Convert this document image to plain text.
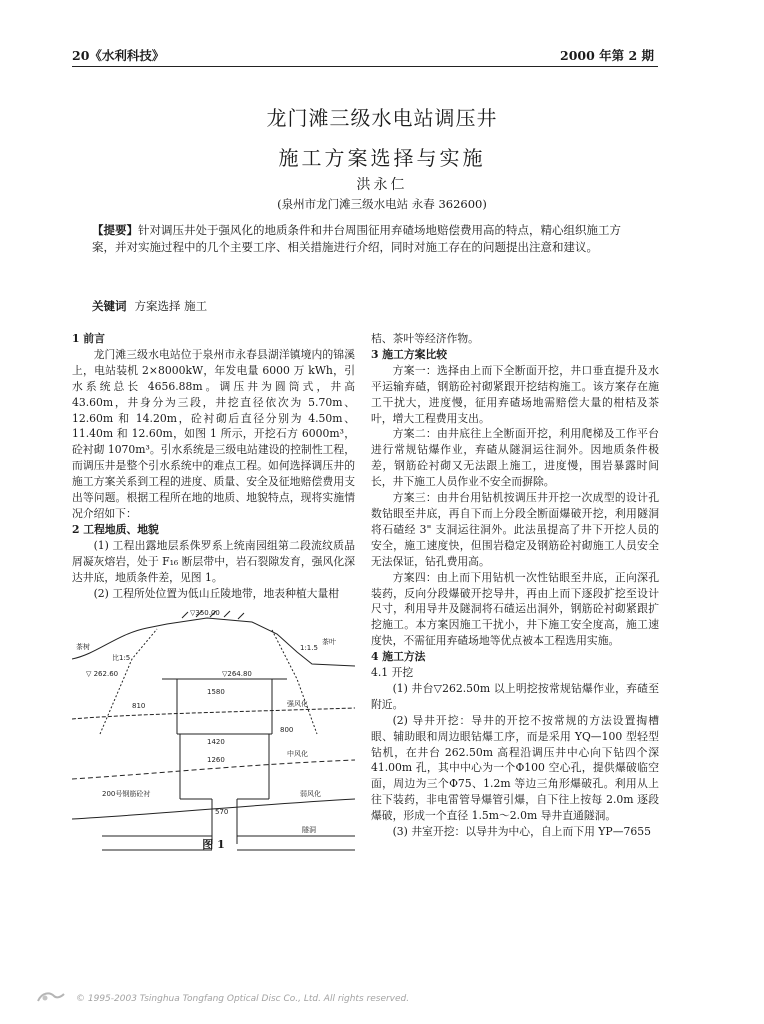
20《水利科技》	2000 年第 2 期
龙门滩三级水电站调压井
施工方案选择与实施
洪永仁
(泉州市龙门滩三级水电站 永春 362600)
【提要】针对调压井处于强风化的地质条件和井台周围征用弃碴场地赔偿费用高的特点，精心组织施工方案，并对实施过程中的几个主要工序、相关措施进行介绍，同时对施工存在的问题提出注意和建议。
关键词 方案选择 施工

1 前言

龙门滩三级水电站位于泉州市永春县湖洋镇境内的锦溪上，电站装机 2×8000kW，年发电量 6000 万 kWh，引水系统总长 4656.88m。调压井为圆筒式，井高 43.60m，井身分为三段，井挖直径依次为 5.70m、12.60m 和 14.20m，砼衬砌后直径分别为 4.50m、11.40m 和 12.60m，如图 1 所示，开挖石方 6000m³，砼衬砌 1070m³。引水系统是三级电站建设的控制性工程，而调压井是整个引水系统中的难点工程。如何选择调压井的施工方案关系到工程的进度、质量、安全及征地赔偿费用支出等问题。根据工程所在地的地质、地貌特点，现将实施情况介绍如下：

2 工程地质、地貌

(1) 工程出露地层系侏罗系上统南园组第二段流纹质晶屑凝灰熔岩，处于 F₁₆ 断层带中，岩石裂隙发育，强风化深达井底，地质条件差，见图 1。

(2) 工程所处位置为低山丘陵地带，地表种植大量柑

▽350.00
▽264.80
▽ 262.60
1580
1420
1260
570
810
800
强风化
中风化
弱风化
比1:5
1:1.5
茶树
茶叶
200号钢筋砼衬
隧洞
图 1

桔、茶叶等经济作物。

3 施工方案比较

方案一：选择由上而下全断面开挖，井口垂直提升及水平运输弃碴，钢筋砼衬砌紧跟开挖结构施工。该方案存在施工干扰大，进度慢，征用弃碴场地需赔偿大量的柑桔及茶叶，增大工程费用支出。

方案二：由井底往上全断面开挖，利用爬梯及工作平台进行常规钻爆作业，弃碴从隧洞运往洞外。因地质条件极差，钢筋砼衬砌又无法跟上施工，进度慢，围岩暴露时间长，井下施工人员作业不安全而摒除。

方案三：由井台用钻机按调压井开挖一次成型的设计孔数钻眼至井底，再自下而上分段全断面爆破开挖，利用隧洞将石碴经 3" 支洞运往洞外。此法虽提高了井下开挖人员的安全，施工速度快，但围岩稳定及钢筋砼衬砌施工人员安全无法保证，钻孔费用高。

方案四：由上而下用钻机一次性钻眼至井底，正向深孔装药，反向分段爆破开挖导井，再由上而下逐段扩挖至设计尺寸，利用导井及隧洞将石碴运出洞外，钢筋砼衬砌紧跟扩挖施工。本方案因施工干扰小，井下施工安全度高，施工速度快，不需征用弃碴场地等优点被本工程选用实施。

4 施工方法

4.1 开挖

(1) 井台▽262.50m 以上明挖按常规钻爆作业，弃碴至附近。

(2) 导井开挖：导井的开挖不按常规的方法设置掏槽眼、辅助眼和周边眼钻爆工序，而是采用 YQ—100 型轻型钻机，在井台 262.50m 高程沿调压井中心向下钻四个深 41.00m 孔，其中中心为一个Φ100 空心孔，提供爆破临空面，周边为三个Φ75、1.2m 等边三角形爆破孔。利用从上往下装药，非电雷管导爆管引爆，自下往上按每 2.0m 逐段爆破，形成一个直径 1.5m～2.0m 导井直通隧洞。

(3) 井室开挖：以导井为中心，自上而下用 YP—7655

© 1995-2003 Tsinghua Tongfang Optical Disc Co., Ltd. All rights reserved.
